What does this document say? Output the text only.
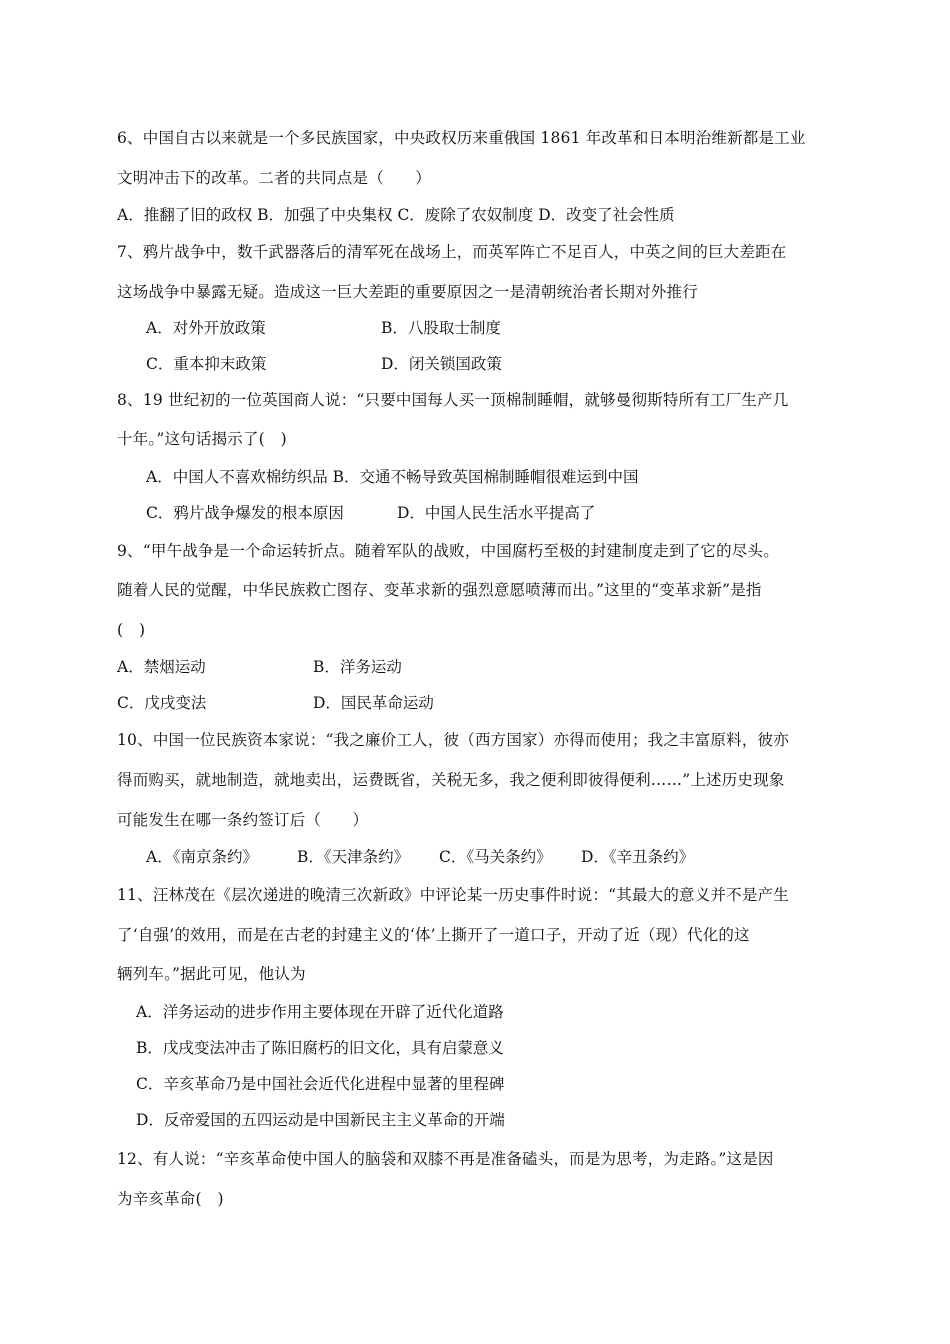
6、中国自古以来就是一个多民族国家，中央政权历来重俄国 1861 年改革和日本明治维新都是工业
文明冲击下的改革。二者的共同点是（　　）
A．推翻了旧的政权 B．加强了中央集权 C．废除了农奴制度 D．改变了社会性质
7、鸦片战争中，数千武器落后的清军死在战场上，而英军阵亡不足百人，中英之间的巨大差距在
这场战争中暴露无疑。造成这一巨大差距的重要原因之一是清朝统治者长期对外推行
A．对外开放政策	B．八股取士制度
C．重本抑末政策	D．闭关锁国政策
8、19 世纪初的一位英国商人说：“只要中国每人买一顶棉制睡帽，就够曼彻斯特所有工厂生产几
十年。”这句话揭示了(　)
A．中国人不喜欢棉纺织品 B．交通不畅导致英国棉制睡帽很难运到中国
C．鸦片战争爆发的根本原因	D．中国人民生活水平提高了
9、“甲午战争是一个命运转折点。随着军队的战败，中国腐朽至极的封建制度走到了它的尽头。
随着人民的觉醒，中华民族救亡图存、变革求新的强烈意愿喷薄而出。”这里的“变革求新”是指
(　)
A．禁烟运动	B．洋务运动
C．戊戌变法	D．国民革命运动
10、中国一位民族资本家说：“我之廉价工人，彼（西方国家）亦得而使用；我之丰富原料，彼亦
得而购买，就地制造，就地卖出，运费既省，关税无多，我之便利即彼得便利……”上述历史现象
可能发生在哪一条约签订后（　　）
A．《南京条约》	B．《天津条约》 C．《马关条约》 D．《辛丑条约》
11、汪林茂在《层次递进的晚清三次新政》中评论某一历史事件时说：“其最大的意义并不是产生
了‘自强’的效用，而是在古老的封建主义的‘体’上撕开了一道口子，开动了近（现）代化的这
辆列车。”据此可见，他认为
A．洋务运动的进步作用主要体现在开辟了近代化道路
B．戊戌变法冲击了陈旧腐朽的旧文化，具有启蒙意义
C．辛亥革命乃是中国社会近代化进程中显著的里程碑
D．反帝爱国的五四运动是中国新民主主义革命的开端
12、有人说：“辛亥革命使中国人的脑袋和双膝不再是准备磕头，而是为思考，为走路。”这是因
为辛亥革命(　)
